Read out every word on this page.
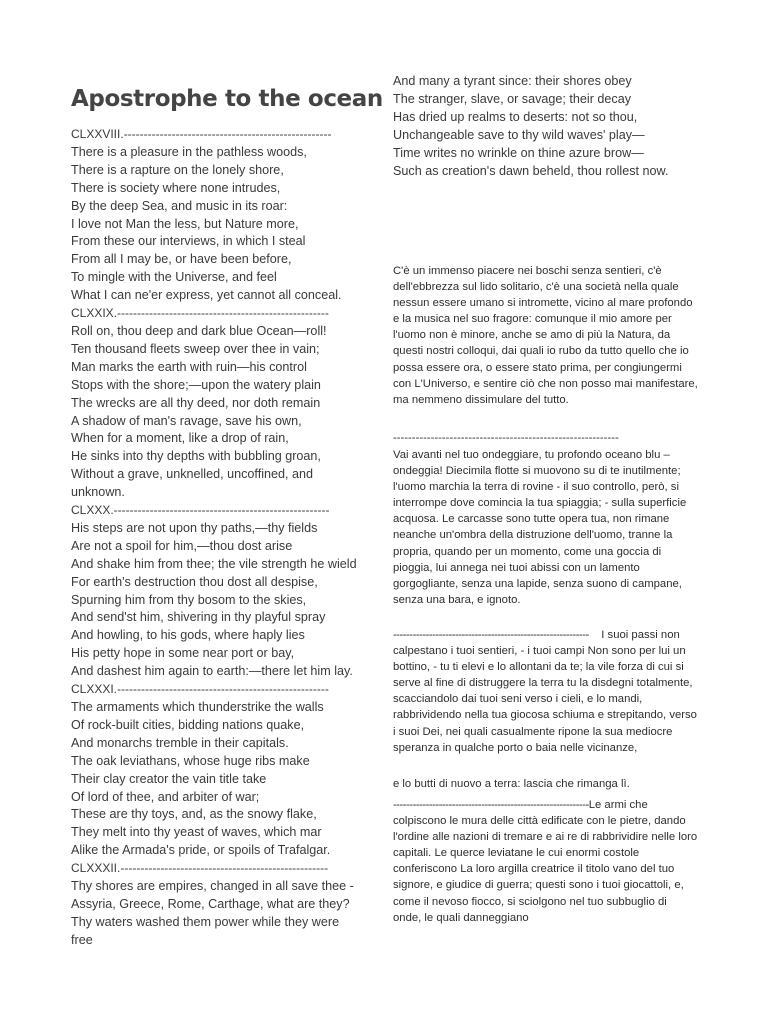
Apostrophe to the ocean
CLXXVIII.----------------------------------------------------
There is a pleasure in the pathless woods,
There is a rapture on the lonely shore,
There is society where none intrudes,
By the deep Sea, and music in its roar:
I love not Man the less, but Nature more,
From these our interviews, in which I steal
From all I may be, or have been before,
To mingle with the Universe, and feel
What I can ne'er express, yet cannot all conceal.
CLXXIX.-----------------------------------------------------
Roll on, thou deep and dark blue Ocean—roll!
Ten thousand fleets sweep over thee in vain;
Man marks the earth with ruin—his control
Stops with the shore;—upon the watery plain
The wrecks are all thy deed, nor doth remain
A shadow of man's ravage, save his own,
When for a moment, like a drop of rain,
He sinks into thy depths with bubbling groan,
Without a grave, unknelled, uncoffined, and
unknown.
CLXXX.------------------------------------------------------
His steps are not upon thy paths,—thy fields
Are not a spoil for him,—thou dost arise
And shake him from thee; the vile strength he wield
For earth's destruction thou dost all despise,
Spurning him from thy bosom to the skies,
And send'st him, shivering in thy playful spray
And howling, to his gods, where haply lies
His petty hope in some near port or bay,
And dashest him again to earth:—there let him lay.
CLXXXI.-----------------------------------------------------
The armaments which thunderstrike the walls
Of rock-built cities, bidding nations quake,
And monarchs tremble in their capitals.
The oak leviathans, whose huge ribs make
Their clay creator the vain title take
Of lord of thee, and arbiter of war;
These are thy toys, and, as the snowy flake,
They melt into thy yeast of waves, which mar
Alike the Armada's pride, or spoils of Trafalgar.
CLXXXII.----------------------------------------------------
Thy shores are empires, changed in all save thee -
Assyria, Greece, Rome, Carthage, what are they?
Thy waters washed them power while they were
free
And many a tyrant since: their shores obey
The stranger, slave, or savage; their decay
Has dried up realms to deserts: not so thou,
Unchangeable save to thy wild waves' play—
Time writes no wrinkle on thine azure brow—
Such as creation's dawn beheld, thou rollest now.

C'è un immenso piacere nei boschi senza sentieri, c'è dell'ebbrezza sul lido solitario, c'è una società nella quale nessun essere umano si intromette, vicino al mare profondo e la musica nel suo fragore: comunque il mio amore per l'uomo non è minore, anche se amo di più la Natura, da questi nostri colloqui, dai quali io rubo da tutto quello che io possa essere ora, o essere stato prima, per congiungermi con L'Universo, e sentire ciò che non posso mai manifestare, ma nemmeno dissimulare del tutto.

------------------------------------------------------------

Vai avanti nel tuo ondeggiare, tu profondo oceano blu – ondeggia! Diecimila flotte si muovono su di te inutilmente; l'uomo marchia la terra di rovine - il suo controllo, però, si interrompe dove comincia la tua spiaggia; - sulla superficie acquosa. Le carcasse sono tutte opera tua, non rimane neanche un'ombra della distruzione dell'uomo, tranne la propria, quando per un momento, come una goccia di pioggia, lui annega nei tuoi abissi con un lamento gorgogliante, senza una lapide, senza suono di campane, senza una bara, e ignoto.

------------------------------------------------------------ I suoi passi non calpestano i tuoi sentieri, - i tuoi campi Non sono per lui un bottino, - tu ti elevi e lo allontani da te; la vile forza di cui si serve al fine di distruggere la terra tu la disdegni totalmente, scacciandolo dai tuoi seni verso i cieli, e lo mandi, rabbrividendo nella tua giocosa schiuma e strepitando, verso i suoi Dei, nei quali casualmente ripone la sua mediocre speranza in qualche porto o baia nelle vicinanze,

e lo butti di nuovo a terra: lascia che rimanga lì.

------------------------------------------------------------Le armi che colpiscono le mura delle città edificate con le pietre, dando l'ordine alle nazioni di tremare e ai re di rabbrividire nelle loro capitali. Le querce leviatane le cui enormi costole conferiscono La loro argilla creatrice il titolo vano del tuo signore, e giudice di guerra; questi sono i tuoi giocattoli, e, come il nevoso fiocco, si sciolgono nel tuo subbuglio di onde, le quali danneggiano
